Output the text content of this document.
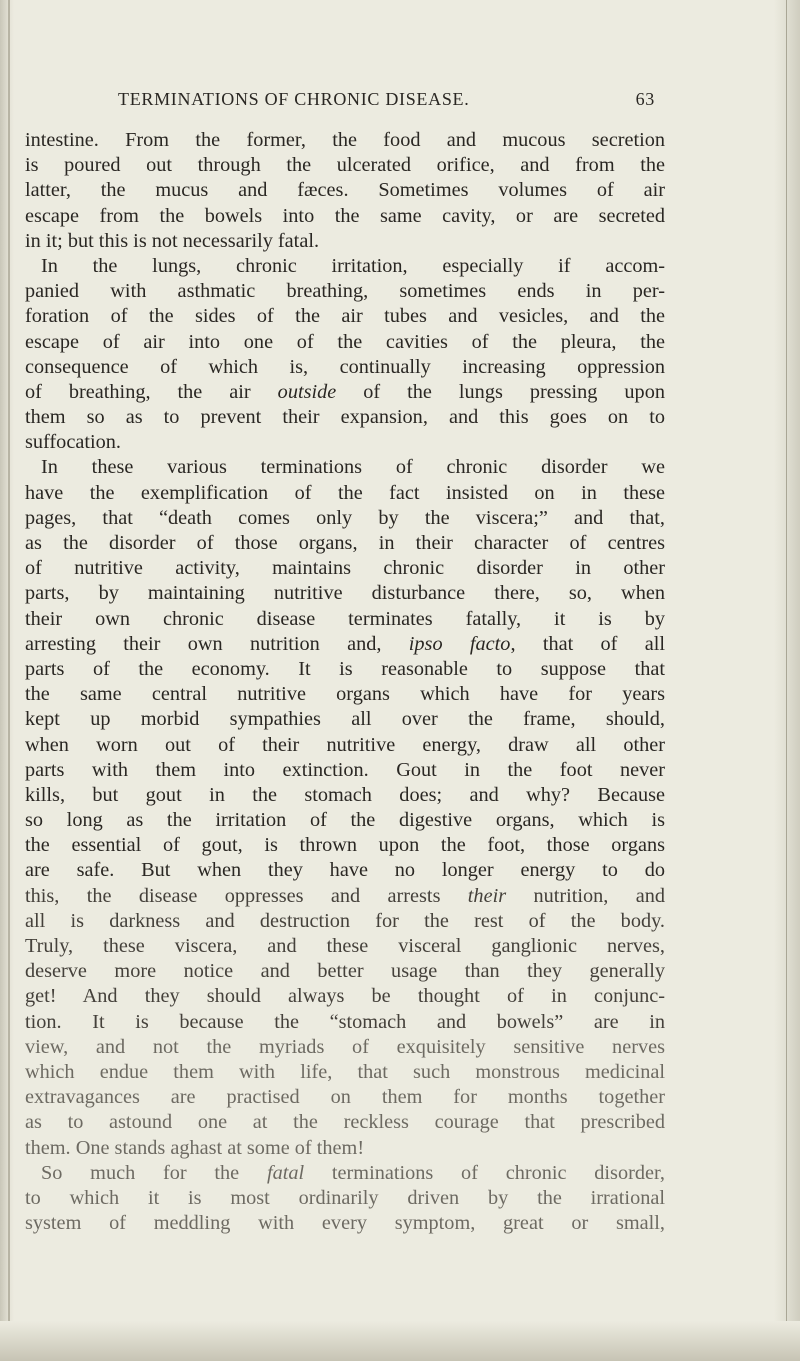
TERMINATIONS OF CHRONIC DISEASE.	63
intestine. From the former, the food and mucous secretion
is poured out through the ulcerated orifice, and from the
latter, the mucus and fæces. Sometimes volumes of air
escape from the bowels into the same cavity, or are secreted
in it; but this is not necessarily fatal.
In the lungs, chronic irritation, especially if accom-
panied with asthmatic breathing, sometimes ends in per-
foration of the sides of the air tubes and vesicles, and the
escape of air into one of the cavities of the pleura, the
consequence of which is, continually increasing oppression
of breathing, the air outside of the lungs pressing upon
them so as to prevent their expansion, and this goes on to
suffocation.
In these various terminations of chronic disorder we
have the exemplification of the fact insisted on in these
pages, that “death comes only by the viscera;” and that,
as the disorder of those organs, in their character of centres
of nutritive activity, maintains chronic disorder in other
parts, by maintaining nutritive disturbance there, so, when
their own chronic disease terminates fatally, it is by
arresting their own nutrition and, ipso facto, that of all
parts of the economy. It is reasonable to suppose that
the same central nutritive organs which have for years
kept up morbid sympathies all over the frame, should,
when worn out of their nutritive energy, draw all other
parts with them into extinction. Gout in the foot never
kills, but gout in the stomach does; and why? Because
so long as the irritation of the digestive organs, which is
the essential of gout, is thrown upon the foot, those organs
are safe. But when they have no longer energy to do
this, the disease oppresses and arrests their nutrition, and
all is darkness and destruction for the rest of the body.
Truly, these viscera, and these visceral ganglionic nerves,
deserve more notice and better usage than they generally
get! And they should always be thought of in conjunc-
tion. It is because the “stomach and bowels” are in
view, and not the myriads of exquisitely sensitive nerves
which endue them with life, that such monstrous medicinal
extravagances are practised on them for months together
as to astound one at the reckless courage that prescribed
them. One stands aghast at some of them!
So much for the fatal terminations of chronic disorder,
to which it is most ordinarily driven by the irrational
system of meddling with every symptom, great or small,
